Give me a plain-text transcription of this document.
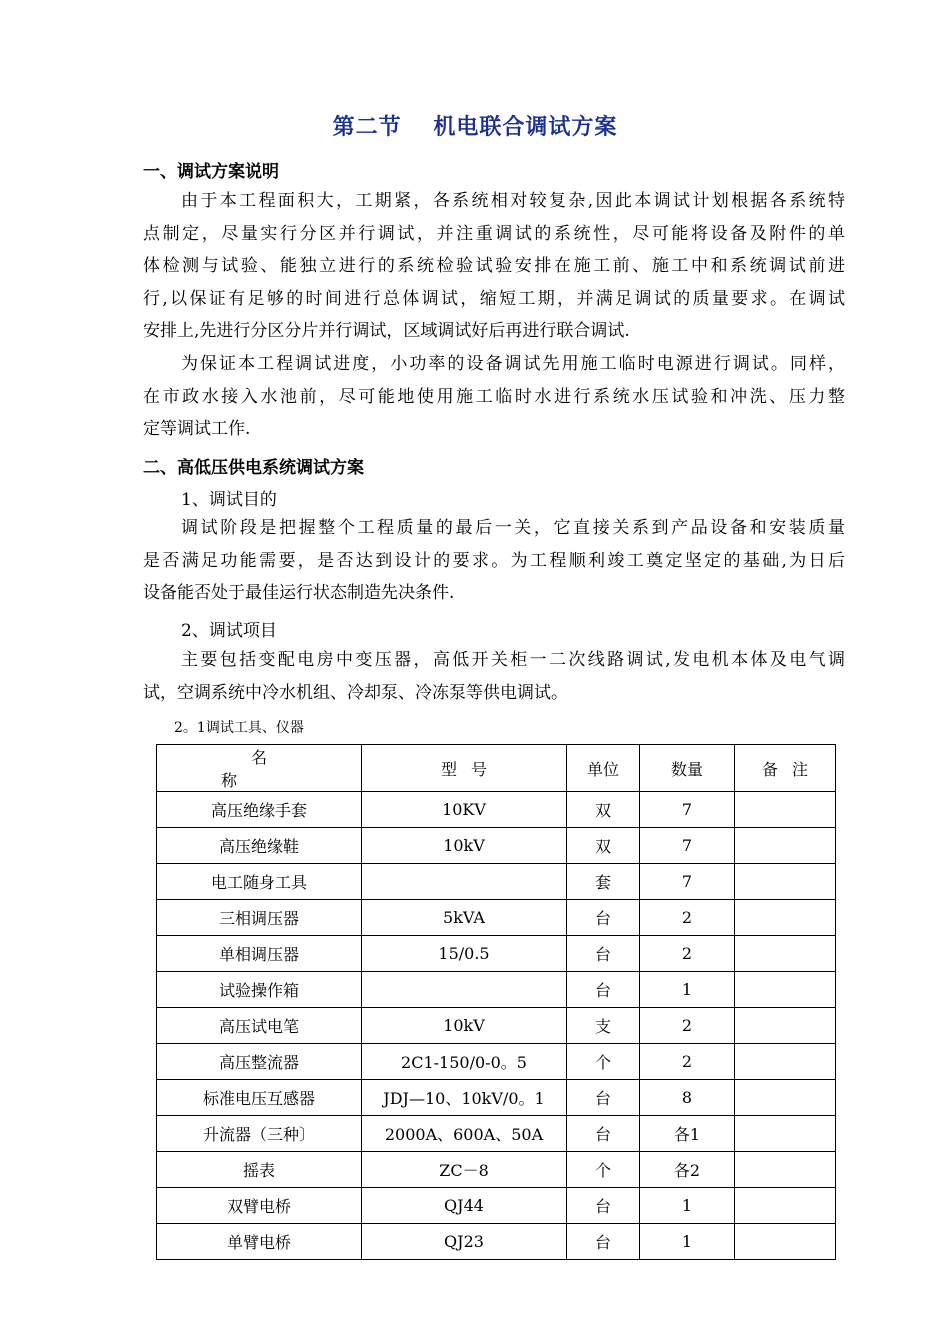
第二节　 机电联合调试方案
一、调试方案说明
由于本工程面积大，工期紧，各系统相对较复杂,因此本调试计划根据各系统特
点制定，尽量实行分区并行调试，并注重调试的系统性，尽可能将设备及附件的单
体检测与试验、能独立进行的系统检验试验安排在施工前、施工中和系统调试前进
行,以保证有足够的时间进行总体调试，缩短工期，并满足调试的质量要求。在调试
安排上,先进行分区分片并行调试，区域调试好后再进行联合调试.
为保证本工程调试进度，小功率的设备调试先用施工临时电源进行调试。同样，
在市政水接入水池前，尽可能地使用施工临时水进行系统水压试验和冲洗、压力整
定等调试工作.
二、高低压供电系统调试方案
1、调试目的
调试阶段是把握整个工程质量的最后一关，它直接关系到产品设备和安装质量
是否满足功能需要，是否达到设计的要求。为工程顺利竣工奠定坚定的基础,为日后
设备能否处于最佳运行状态制造先决条件.
2、调试项目
主要包括变配电房中变压器，高低开关柜一二次线路调试,发电机本体及电气调
试，空调系统中冷水机组、冷却泵、冷冻泵等供电调试。
2。1调试工具、仪器
名称	型号	单位	数量	备注
高压绝缘手套	10KV	双	7	
高压绝缘鞋	10kV	双	7	
电工随身工具		套	7	
三相调压器	5kVA	台	2	
单相调压器	15/0.5	台	2	
试验操作箱		台	1	
高压试电笔	10kV	支	2	
高压整流器	2C1-150/0-0。5	个	2	
标准电压互感器	JDJ—10、10kV/0。1	台	8	
升流器（三种〕	2000A、600A、50A	台	各1	
摇表	ZC－8	个	各2	
双臂电桥	QJ44	台	1	
单臂电桥	QJ23	台	1	
